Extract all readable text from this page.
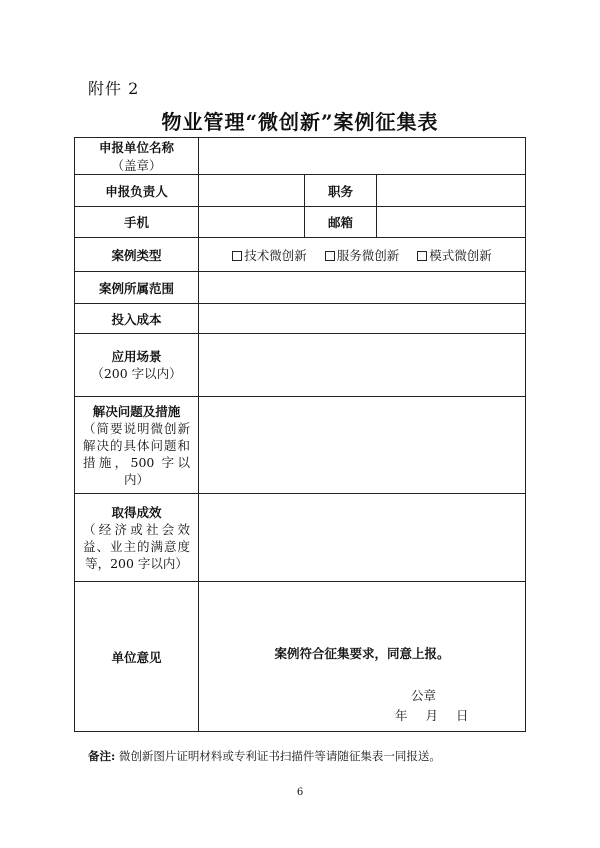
附件 2
物业管理“微创新”案例征集表
申报单位名称
（盖章）			

申报负责人		职务	
手机		邮箱	
案例类型	技术微创新 服务微创新 模式微创新		
案例所属范围			
投入成本			
应用场景
（200 字以内）			

解决问题及措施
（简要说明微创新解决的具体问题和措施，500 字以内）			

取得成效
（经济或社会效益、业主的满意度等，200 字以内）			

单位意见	案例符合征集要求，同意上报。
公章
年 月 日		
备注: 微创新图片证明材料或专利证书扫描件等请随征集表一同报送。
6
